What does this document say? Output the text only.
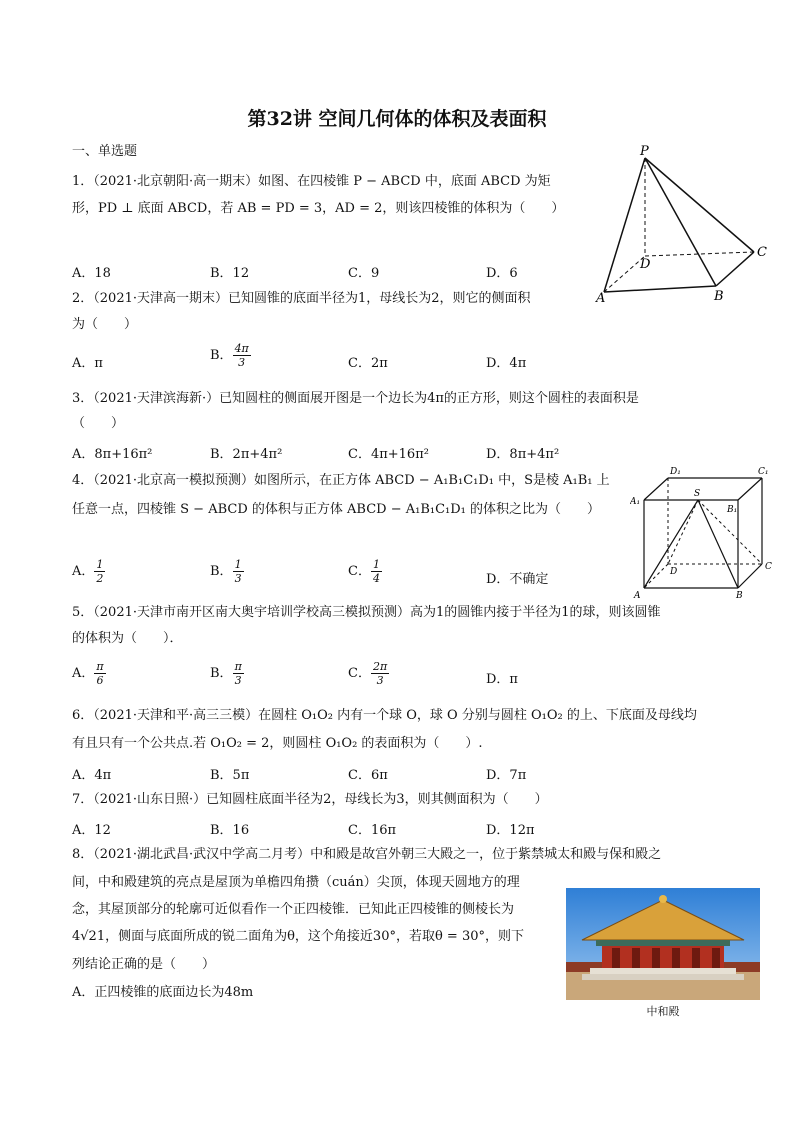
第32讲 空间几何体的体积及表面积
一、单选题
1．（2021·北京朝阳·高一期末）如图、在四棱锥 P − ABCD 中，底面 ABCD 为矩
形，PD ⊥ 底面 ABCD，若 AB = PD = 3，AD = 2，则该四棱锥的体积为（　　）
A．18	B．12	C．9	D．6
P
A	B
C
D
2．（2021·天津高一期末）已知圆锥的底面半径为1，母线长为2，则它的侧面积
为（　　）
A．π
B． $\frac{4\pi}{3}$	C．2π	D．4π
3．（2021·天津滨海新·）已知圆柱的侧面展开图是一个边长为4π的正方形，则这个圆柱的表面积是
（　　）
A．8π+16π²	B．2π+4π²	C．4π+16π²	D．8π+4π²
4．（2021·北京高一模拟预测）如图所示，在正方体 ABCD − A₁B₁C₁D₁ 中，S是棱 A₁B₁ 上
任意一点，四棱锥 S − ABCD 的体积与正方体 ABCD − A₁B₁C₁D₁ 的体积之比为（　　）
A． $\frac{1}{2}$	B． $\frac{1}{3}$	C． $\frac{1}{4}$	D．不确定
D₁	C₁
A₁
B₁
S
D	C
A	B
5．（2021·天津市南开区南大奥宇培训学校高三模拟预测）高为1的圆锥内接于半径为1的球，则该圆锥
的体积为（　　）．
A． $\frac{\pi}{6}$	B． $\frac{\pi}{3}$	C． $\frac{2\pi}{3}$	D．π
6．（2021·天津和平·高三三模）在圆柱 O₁O₂ 内有一个球 O，球 O 分别与圆柱 O₁O₂ 的上、下底面及母线均
有且只有一个公共点.若 O₁O₂ = 2，则圆柱 O₁O₂ 的表面积为（　　）.
A．4π	B．5π	C．6π	D．7π
7．（2021·山东日照·）已知圆柱底面半径为2，母线长为3，则其侧面积为（　　）
A．12	B．16	C．16π	D．12π
8．（2021·湖北武昌·武汉中学高二月考）中和殿是故宫外朝三大殿之一，位于紫禁城太和殿与保和殿之
间，中和殿建筑的亮点是屋顶为单檐四角攒（cuán）尖顶，体现天圆地方的理
念，其屋顶部分的轮廓可近似看作一个正四棱锥．已知此正四棱锥的侧棱长为
4√21，侧面与底面所成的锐二面角为θ，这个角接近30°，若取θ = 30°，则下
列结论正确的是（　　）
A．正四棱锥的底面边长为48m
中和殿
